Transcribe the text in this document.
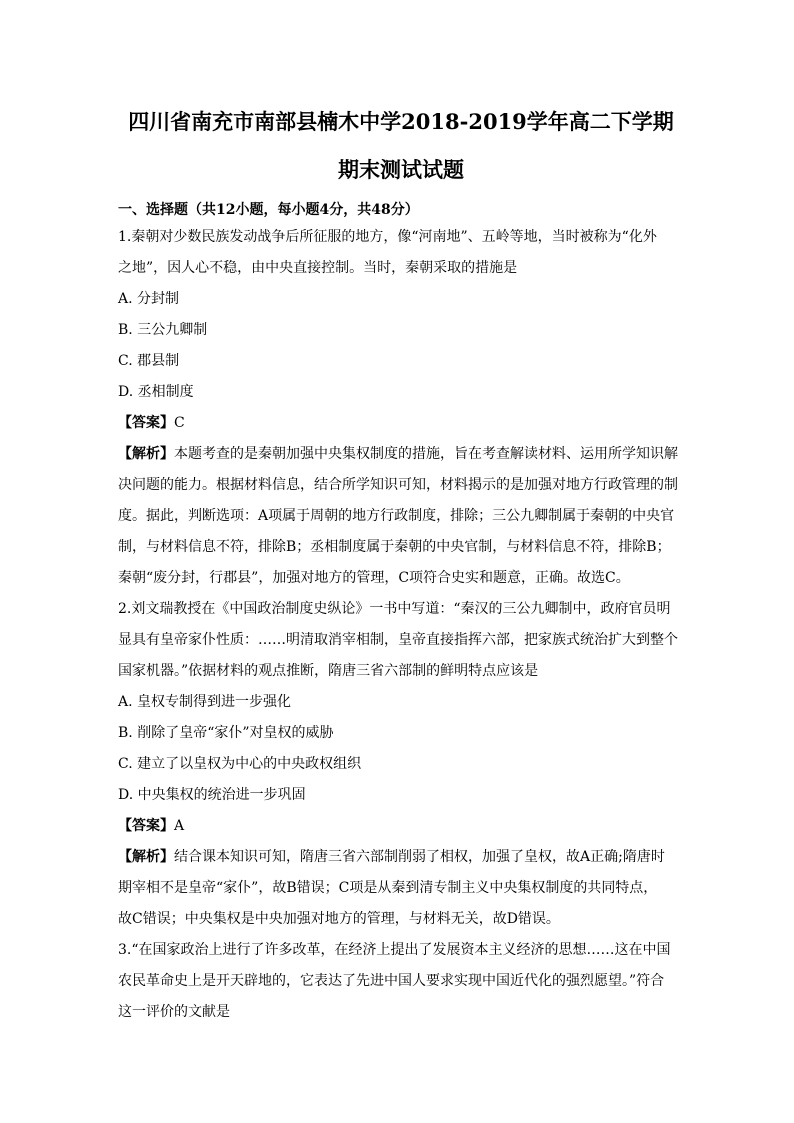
四川省南充市南部县楠木中学2018-2019学年高二下学期

期末测试试题

一、选择题（共12小题，每小题4分，共48分）

1.秦朝对少数民族发动战争后所征服的地方，像“河南地”、五岭等地，当时被称为“化外

之地”，因人心不稳，由中央直接控制。当时，秦朝采取的措施是

A. 分封制

B. 三公九卿制

C. 郡县制

D. 丞相制度

【答案】C

【解析】本题考查的是秦朝加强中央集权制度的措施，旨在考查解读材料、运用所学知识解

决问题的能力。根据材料信息，结合所学知识可知，材料揭示的是加强对地方行政管理的制

度。据此，判断选项：A项属于周朝的地方行政制度，排除；三公九卿制属于秦朝的中央官

制，与材料信息不符，排除B；丞相制度属于秦朝的中央官制，与材料信息不符，排除B；

秦朝“废分封，行郡县”，加强对地方的管理，C项符合史实和题意，正确。故选C。

2.刘文瑞教授在《中国政治制度史纵论》一书中写道：“秦汉的三公九卿制中，政府官员明

显具有皇帝家仆性质：……明清取消宰相制，皇帝直接指挥六部，把家族式统治扩大到整个

国家机器。”依据材料的观点推断，隋唐三省六部制的鲜明特点应该是

A. 皇权专制得到进一步强化

B. 削除了皇帝“家仆”对皇权的威胁

C. 建立了以皇权为中心的中央政权组织

D. 中央集权的统治进一步巩固

【答案】A

【解析】结合课本知识可知，隋唐三省六部制削弱了相权，加强了皇权，故A正确;隋唐时

期宰相不是皇帝“家仆”，故B错误；C项是从秦到清专制主义中央集权制度的共同特点，

故C错误；中央集权是中央加强对地方的管理，与材料无关，故D错误。

3.“在国家政治上进行了许多改革，在经济上提出了发展资本主义经济的思想……这在中国

农民革命史上是开天辟地的，它表达了先进中国人要求实现中国近代化的强烈愿望。”符合

这一评价的文献是
